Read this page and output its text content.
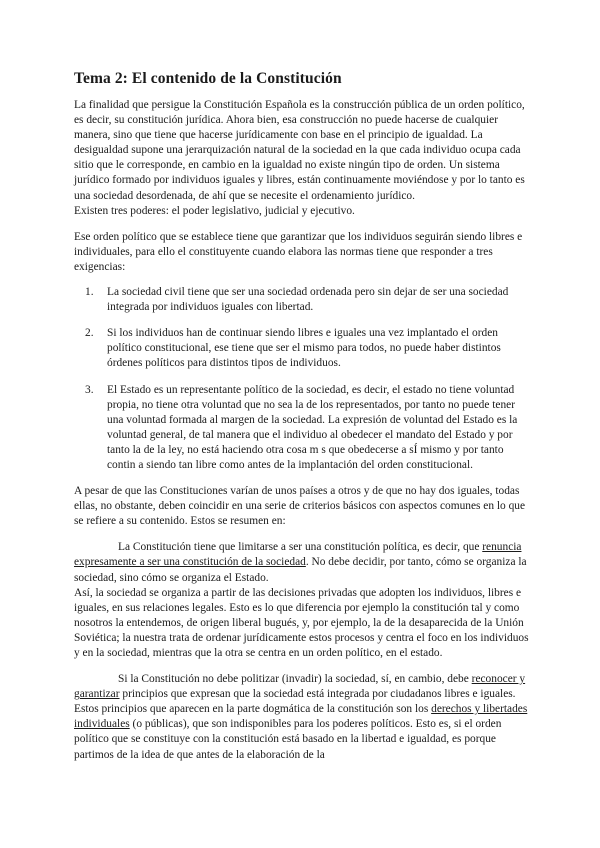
Tema 2: El contenido de la Constitución

La finalidad que persigue la Constitución Española es la construcción pública de un orden político, es decir, su constitución jurídica. Ahora bien, esa construcción no puede hacerse de cualquier manera, sino que tiene que hacerse jurídicamente con base en el principio de igualdad. La desigualdad supone una jerarquización natural de la sociedad en la que cada individuo ocupa cada sitio que le corresponde, en cambio en la igualdad no existe ningún tipo de orden. Un sistema jurídico formado por individuos iguales y libres, están continuamente moviéndose y por lo tanto es una sociedad desordenada, de ahí que se necesite el ordenamiento jurídico.

Existen tres poderes: el poder legislativo, judicial y ejecutivo.

Ese orden político que se establece tiene que garantizar que los individuos seguirán siendo libres e individuales, para ello el constituyente cuando elabora las normas tiene que responder a tres exigencias:

1. La sociedad civil tiene que ser una sociedad ordenada pero sin dejar de ser una sociedad integrada por individuos iguales con libertad.
2. Si los individuos han de continuar siendo libres e iguales una vez implantado el orden político constitucional, ese tiene que ser el mismo para todos, no puede haber distintos órdenes políticos para distintos tipos de individuos.
3. El Estado es un representante político de la sociedad, es decir, el estado no tiene voluntad propia, no tiene otra voluntad que no sea la de los representados, por tanto no puede tener una voluntad formada al margen de la sociedad. La expresión de voluntad del Estado es la voluntad general, de tal manera que el individuo al obedecer el mandato del Estado y por tanto la de la ley, no está haciendo otra cosa m s que obedecerse a sÍ mismo y por tanto contin a siendo tan libre como antes de la implantación del orden constitucional.

A pesar de que las Constituciones varían de unos países a otros y de que no hay dos iguales, todas ellas, no obstante, deben coincidir en una serie de criterios básicos con aspectos comunes en lo que se refiere a su contenido. Estos se resumen en:

La Constitución tiene que limitarse a ser una constitución política, es decir, que renuncia expresamente a ser una constitución de la sociedad. No debe decidir, por tanto, cómo se organiza la sociedad, sino cómo se organiza el Estado.

Así, la sociedad se organiza a partir de las decisiones privadas que adopten los individuos, libres e iguales, en sus relaciones legales. Esto es lo que diferencia por ejemplo la constitución tal y como nosotros la entendemos, de origen liberal bugués, y, por ejemplo, la de la desaparecida de la Unión Soviética; la nuestra trata de ordenar jurídicamente estos procesos y centra el foco en los individuos y en la sociedad, mientras que la otra se centra en un orden político, en el estado.

Si la Constitución no debe politizar (invadir) la sociedad, sí, en cambio, debe reconocer y garantizar principios que expresan que la sociedad está integrada por ciudadanos libres e iguales. Estos principios que aparecen en la parte dogmática de la constitución son los derechos y libertades individuales (o públicas), que son indisponibles para los poderes políticos. Esto es, si el orden político que se constituye con la constitución está basado en la libertad e igualdad, es porque partimos de la idea de que antes de la elaboración de la
